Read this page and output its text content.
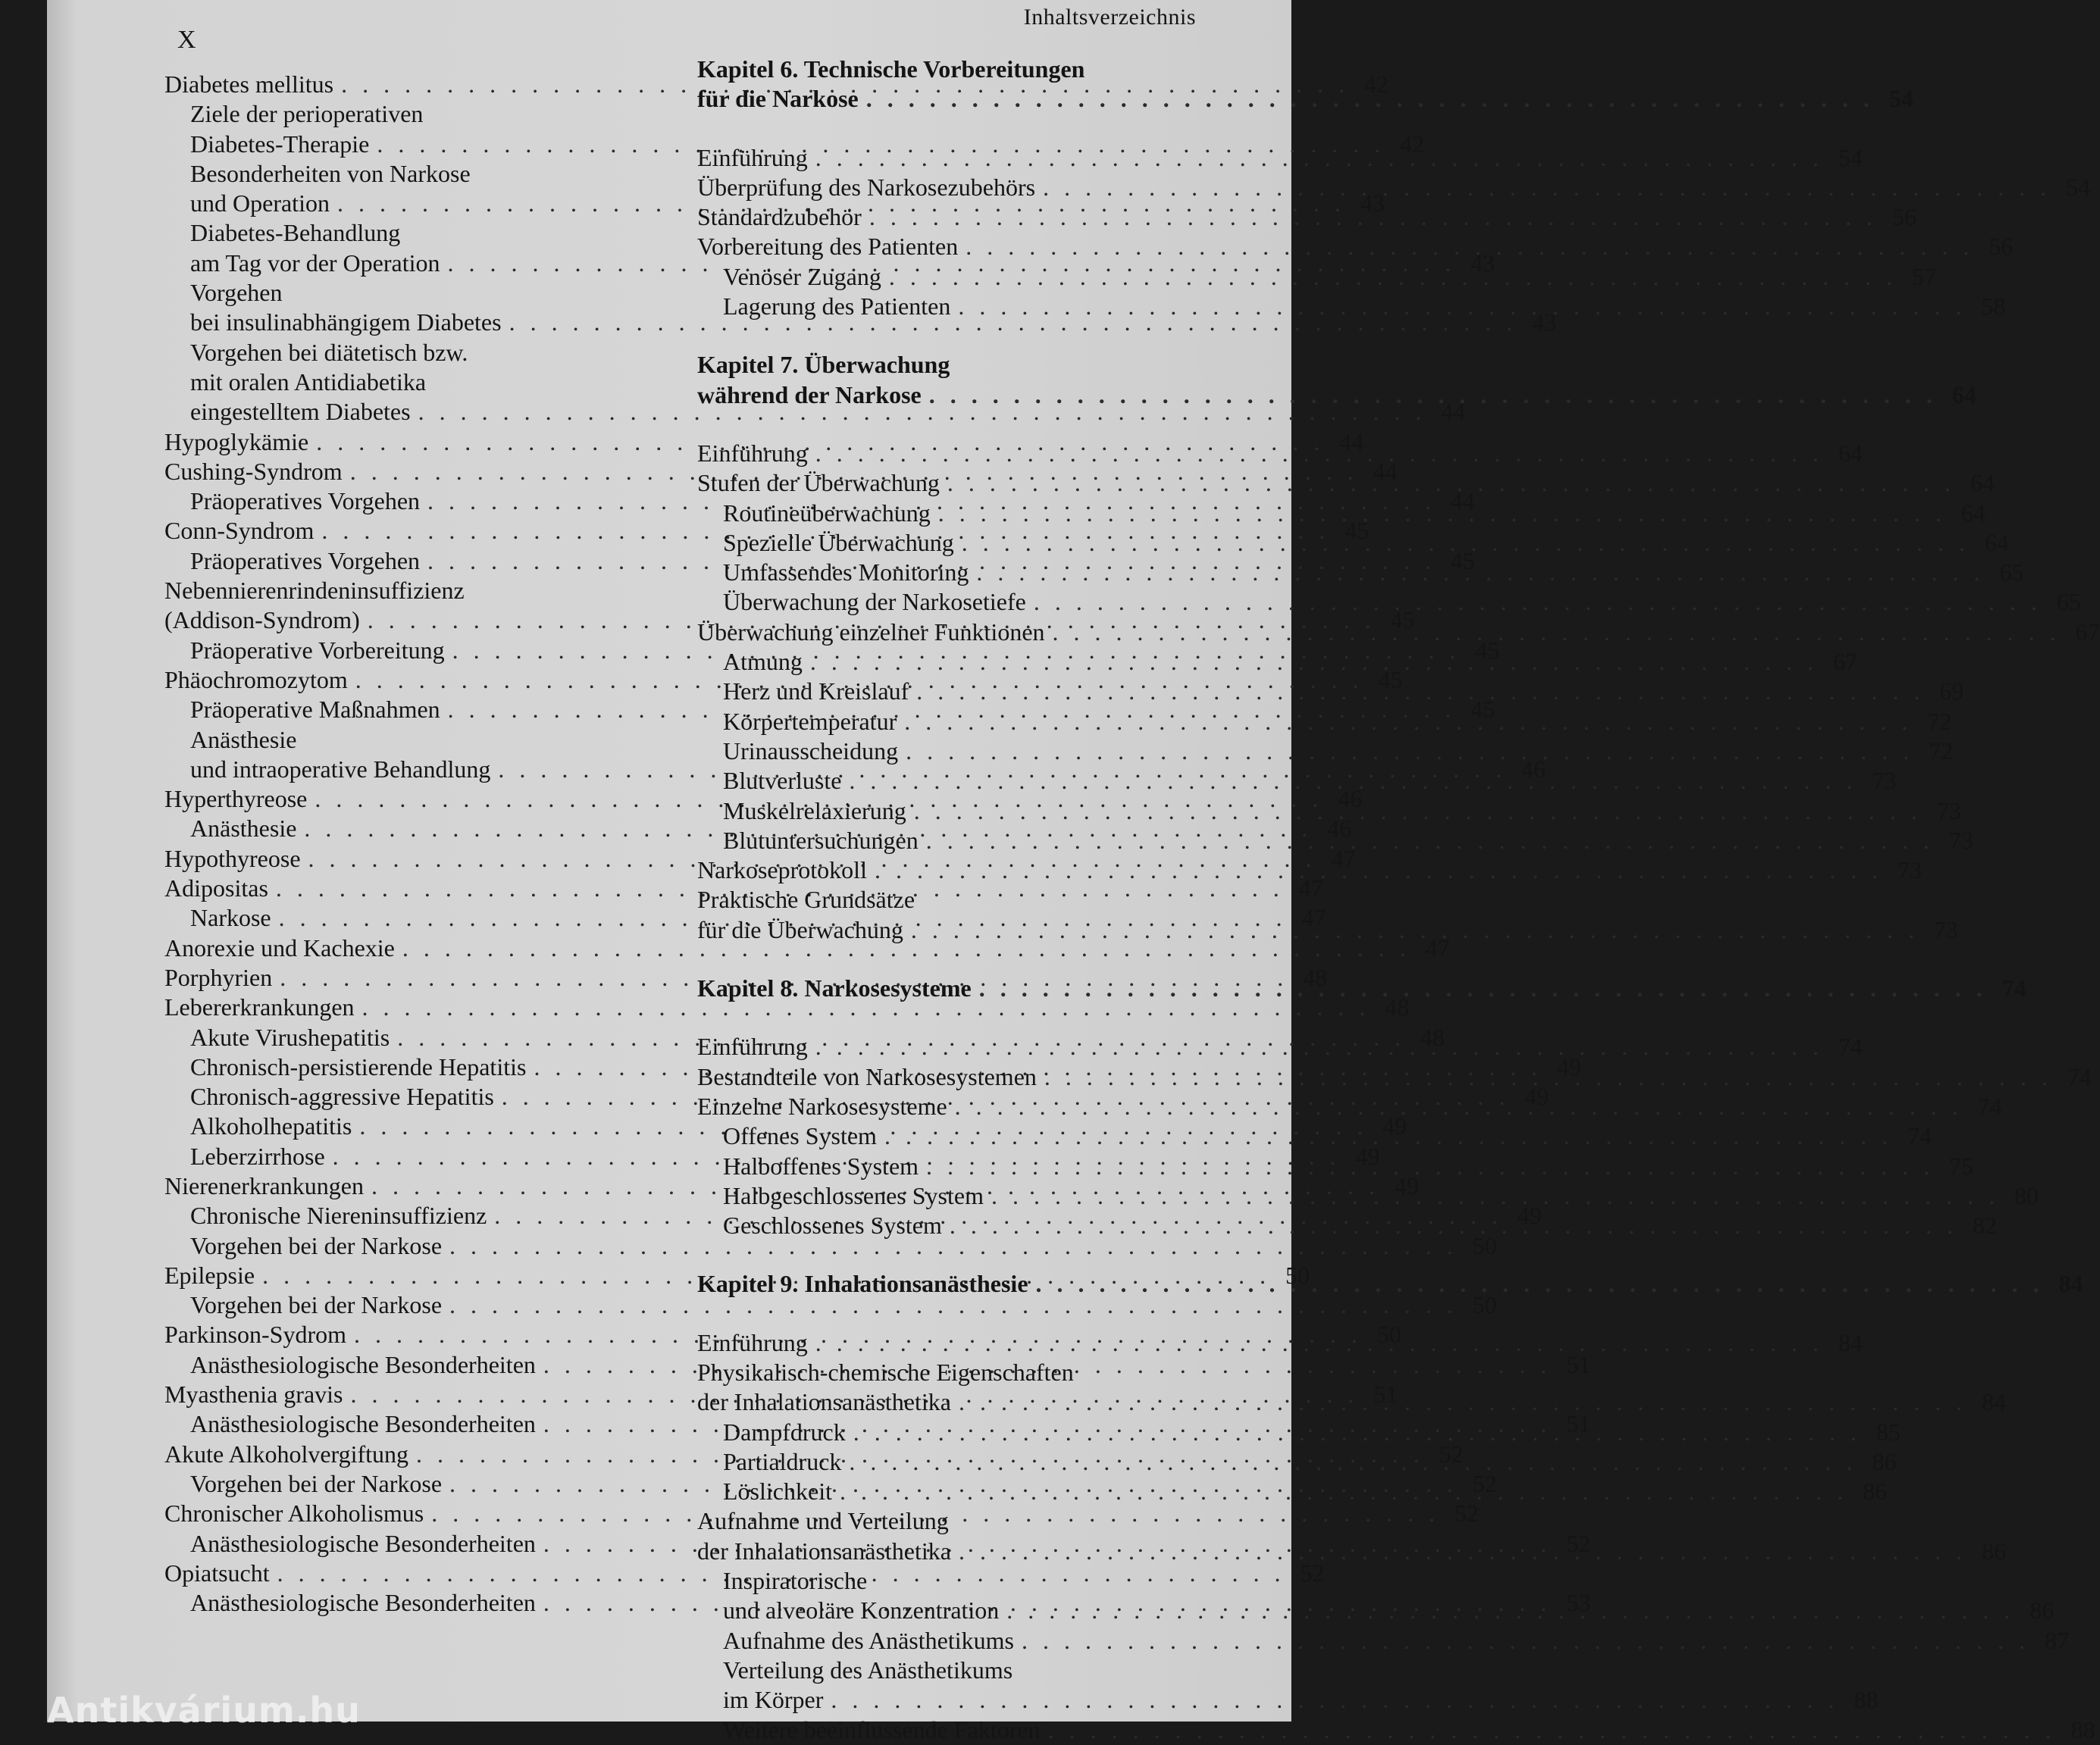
Inhaltsverzeichnis
X
Diabetes mellitus . . .	42
Ziele der perioperativen
Diabetes-Therapie . . .	42
Besonderheiten von Narkose
und Operation . . .	43
Diabetes-Behandlung
am Tag vor der Operation . . .	43
Vorgehen
bei insulinabhängigem Diabetes . . .	43
Vorgehen bei diätetisch bzw.
mit oralen Antidiabetika
eingestelltem Diabetes . . .	44
Hypoglykämie . . .	44
Cushing-Syndrom . . .	44
Präoperatives Vorgehen . . .	44
Conn-Syndrom . . .	45
Präoperatives Vorgehen . . .	45
Nebennierenrindeninsuffizienz
(Addison-Syndrom) . . .	45
Präoperative Vorbereitung . . .	45
Phäochromozytom . . .	45
Präoperative Maßnahmen . . .	45
Anästhesie
und intraoperative Behandlung . . .	46
Hyperthyreose . . .	46
Anästhesie . . .	46
Hypothyreose . . .	47
Adipositas . . .	47
Narkose . . .	47
Anorexie und Kachexie . . .	47
Porphyrien . . .	48
Lebererkrankungen . . .	48
Akute Virushepatitis . . .	48
Chronisch-persistierende Hepatitis . . .	49
Chronisch-aggressive Hepatitis . . .	49
Alkoholhepatitis . . .	49
Leberzirrhose . . .	49
Nierenerkrankungen . . .	49
Chronische Niereninsuffizienz . . .	49
Vorgehen bei der Narkose . . .	50
Epilepsie . . .	50
Vorgehen bei der Narkose . . .	50
Parkinson-Sydrom . . .	50
Anästhesiologische Besonderheiten . . .	51
Myasthenia gravis . . .	51
Anästhesiologische Besonderheiten . . .	51
Akute Alkoholvergiftung . . .	52
Vorgehen bei der Narkose . . .	52
Chronischer Alkoholismus . . .	52
Anästhesiologische Besonderheiten . . .	52
Opiatsucht . . .	52
Anästhesiologische Besonderheiten . . .	53
Kapitel 6. Technische Vorbereitungen
für die Narkose . . .	54
Einführung . . .	54
Überprüfung des Narkosezubehörs . . .	54
Standardzubehör . . .	56
Vorbereitung des Patienten . . .	56
Venöser Zugang . . .	57
Lagerung des Patienten . . .	58
Kapitel 7. Überwachung
während der Narkose . . .	64
Einführung . . .	64
Stufen der Überwachung . . .	64
Routineüberwachung . . .	64
Spezielle Überwachung . . .	64
Umfassendes Monitoring . . .	65
Überwachung der Narkosetiefe . . .	65
Überwachung einzelner Funktionen . . .	67
Atmung . . .	67
Herz und Kreislauf . . .	69
Körpertemperatur . . .	72
Urinausscheidung . . .	72
Blutverluste . . .	73
Muskelrelaxierung . . .	73
Blutuntersuchungen . . .	73
Narkoseprotokoll . . .	73
Praktische Grundsätze
für die Überwachung . . .	73
Kapitel 8. Narkosesysteme . . .	74
Einführung . . .	74
Bestandteile von Narkosesystemen . . .	74
Einzelne Narkosesysteme . . .	74
Offenes System . . .	74
Halboffenes System . . .	75
Halbgeschlossenes System . . .	80
Geschlossenes System . . .	82
Kapitel 9. Inhalationsanästhesie . . .	84
Einführung . . .	84
Physikalisch-chemische Eigenschaften
der Inhalationsanästhetika . . .	84
Dampfdruck . . .	85
Partialdruck . . .	86
Löslichkeit . . .	86
Aufnahme und Verteilung
der Inhalationsanästhetika . . .	86
Inspiratorische
und alveoläre Konzentration . . .	86
Aufnahme des Anästhetikums . . .	87
Verteilung des Anästhetikums
im Körper . . .	88
Weitere beeinflussende Faktoren . . .	88
Antikvárium.hu
